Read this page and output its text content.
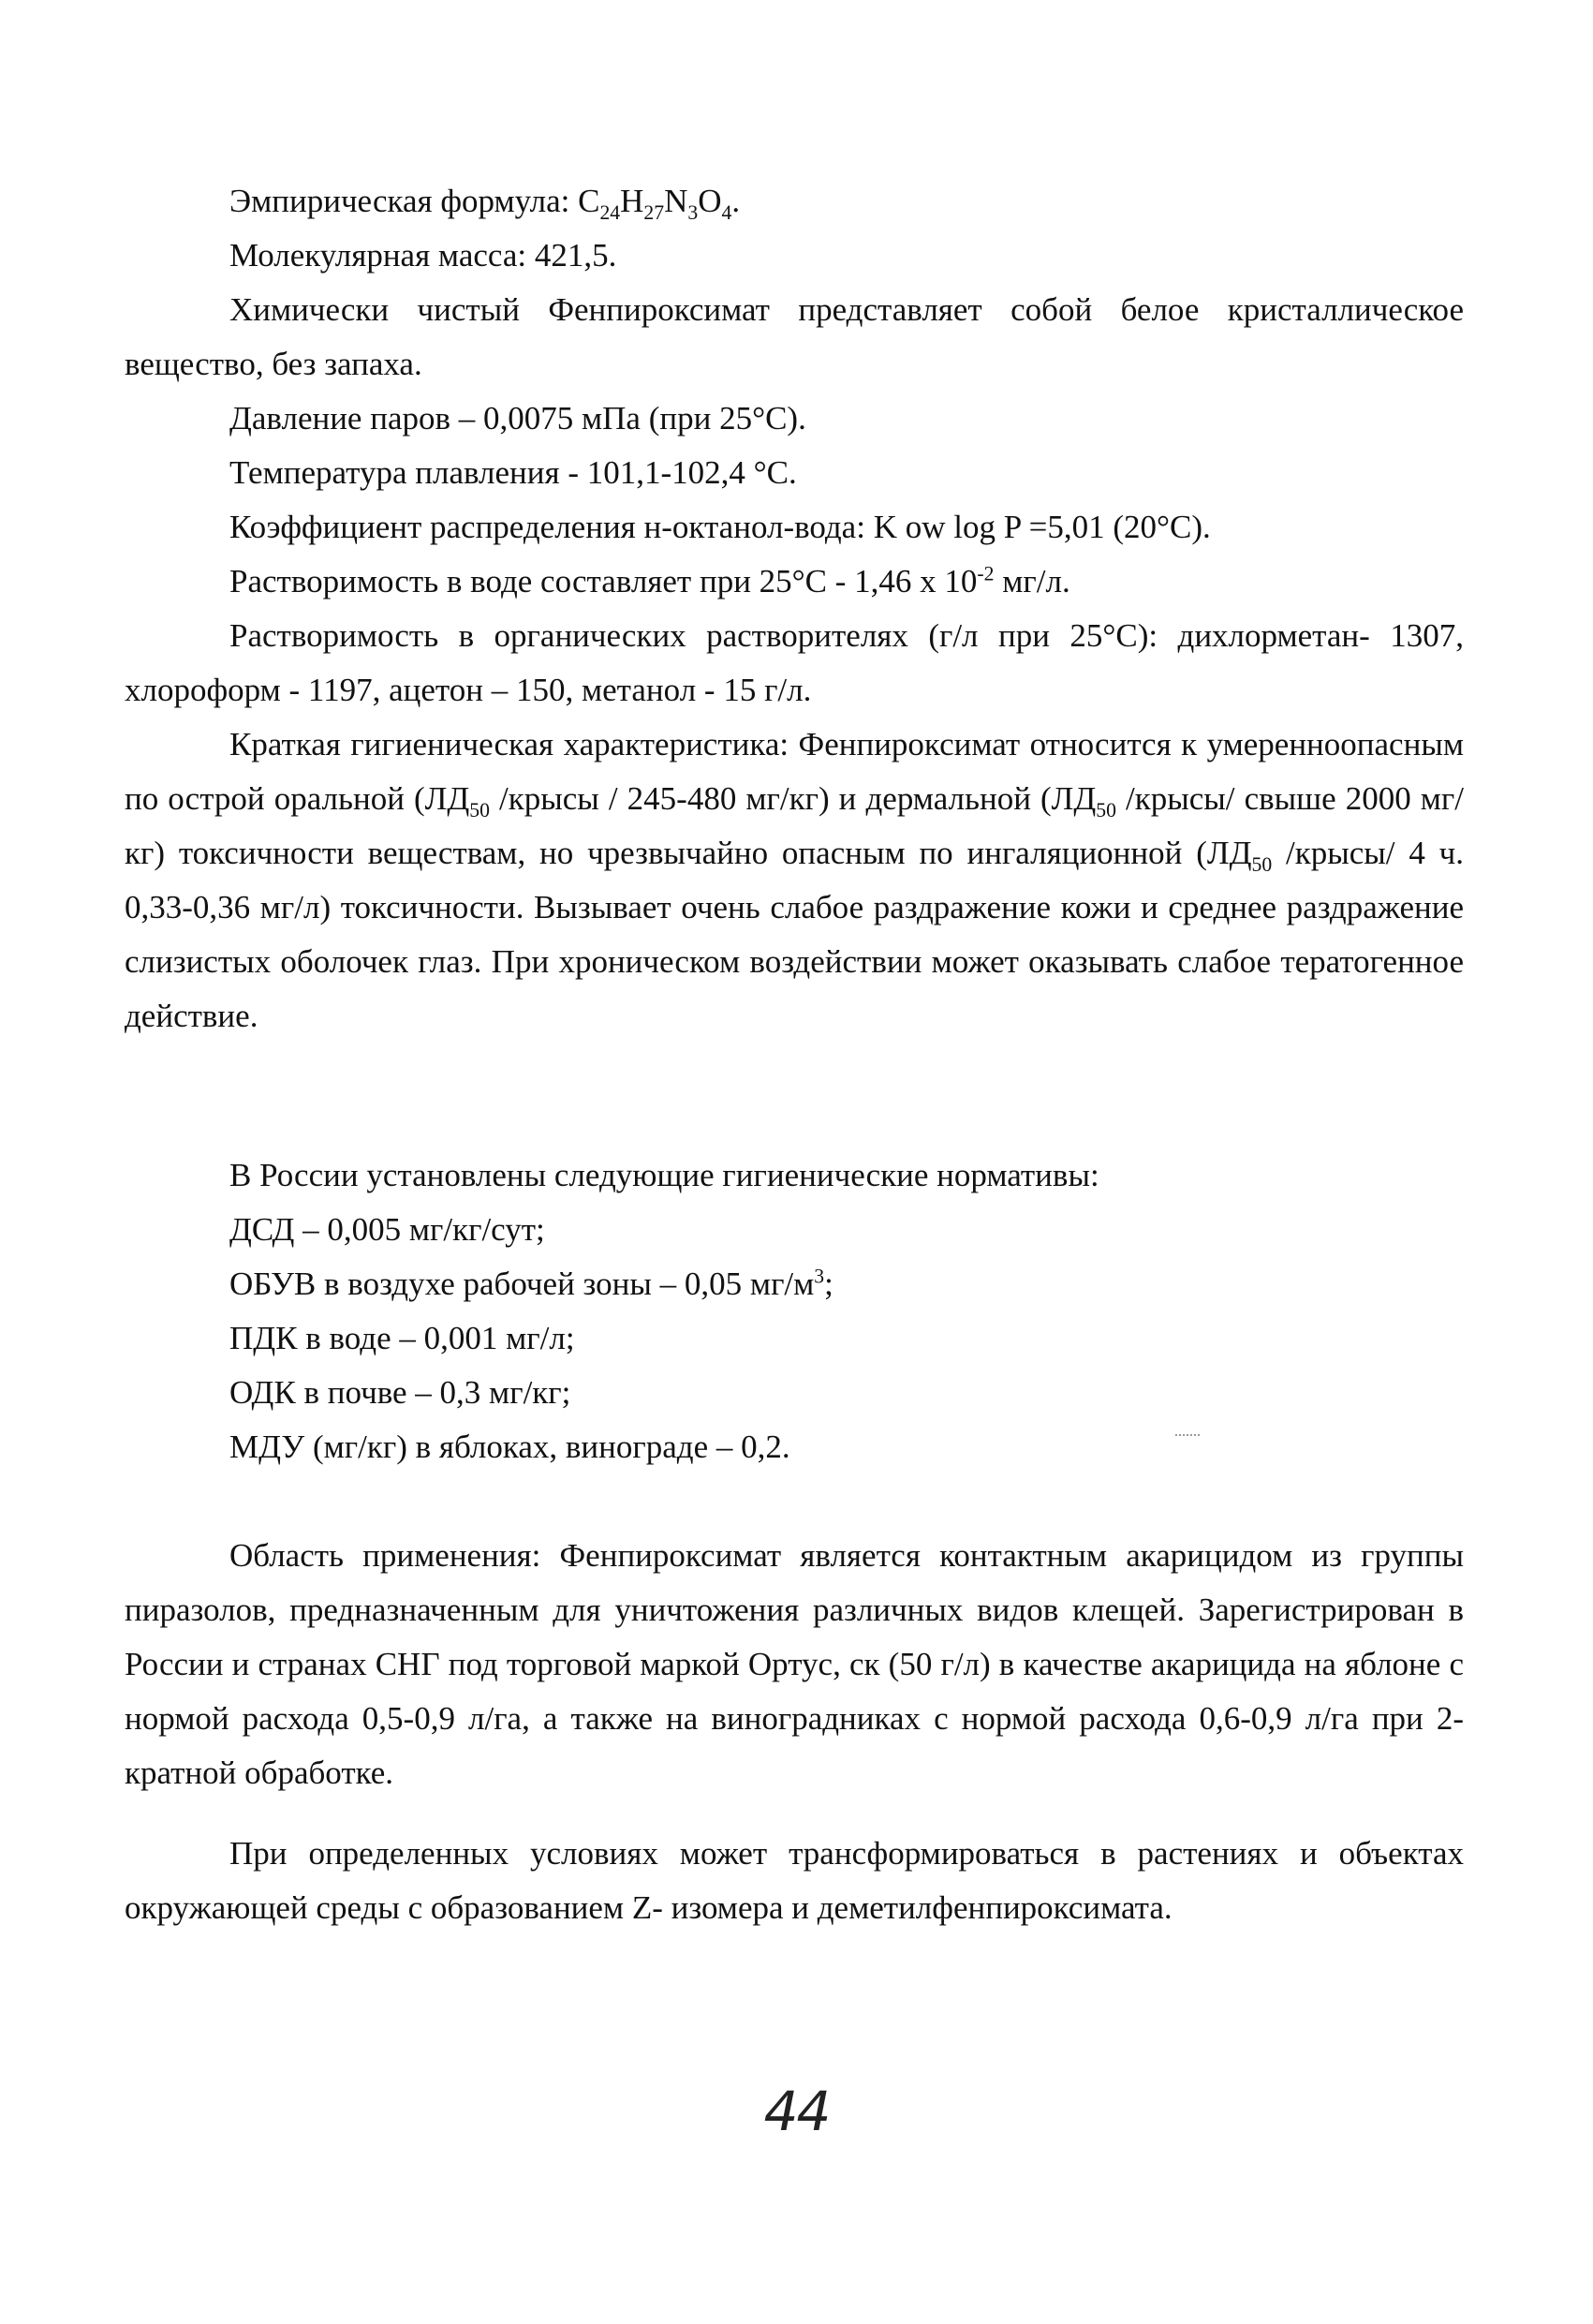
Эмпирическая формула: $C_{24}H_{27}N_3O_4$.

Молекулярная масса: 421,5.

Химически чистый Фенпироксимат представляет собой белое кристаллическое вещество, без запаха.

Давление паров – 0,0075 мПа (при 25°С).

Температура плавления - 101,1-102,4 °С.

Коэффициент распределения н-октанол-вода: K ow log P =5,01 (20°С).

Растворимость в воде составляет при 25°С - 1,46 x $10^{-2}$ мг/л.

Растворимость в органических растворителях (г/л при 25°С): дихлорметан- 1307, хлороформ - 1197, ацетон – 150, метанол - 15 г/л.

Краткая гигиеническая характеристика: Фенпироксимат относится к умеренноопасным по острой оральной ($ЛД_{50}$ /крысы / 245-480 мг/кг) и дермальной ($ЛД_{50}$ /крысы/ свыше 2000 мг/кг) токсичности веществам, но чрезвычайно опасным по ингаляционной ($ЛД_{50}$ /крысы/ 4 ч. 0,33-0,36 мг/л) токсичности. Вызывает очень слабое раздражение кожи и среднее раздражение слизистых оболочек глаз. При хроническом воздействии может оказывать слабое тератогенное действие.

В России установлены следующие гигиенические нормативы:

ДСД – 0,005 мг/кг/сут;

ОБУВ в воздухе рабочей зоны – 0,05 $мг/м^3$;

ПДК в воде – 0,001 мг/л;

ОДК в почве – 0,3 мг/кг;

МДУ (мг/кг) в яблоках, винограде – 0,2.

Область применения: Фенпироксимат является контактным акарицидом из группы пиразолов, предназначенным для уничтожения различных видов клещей. Зарегистрирован в России и странах СНГ под торговой маркой Ортус, ск (50 г/л) в качестве акарицида на яблоне с нормой расхода 0,5-0,9 л/га, а также на виноградниках с нормой расхода 0,6-0,9 л/га при 2- кратной обработке.

При определенных условиях может трансформироваться в растениях и объектах окружающей среды с образованием Z- изомера и деметилфенпироксимата.

44
